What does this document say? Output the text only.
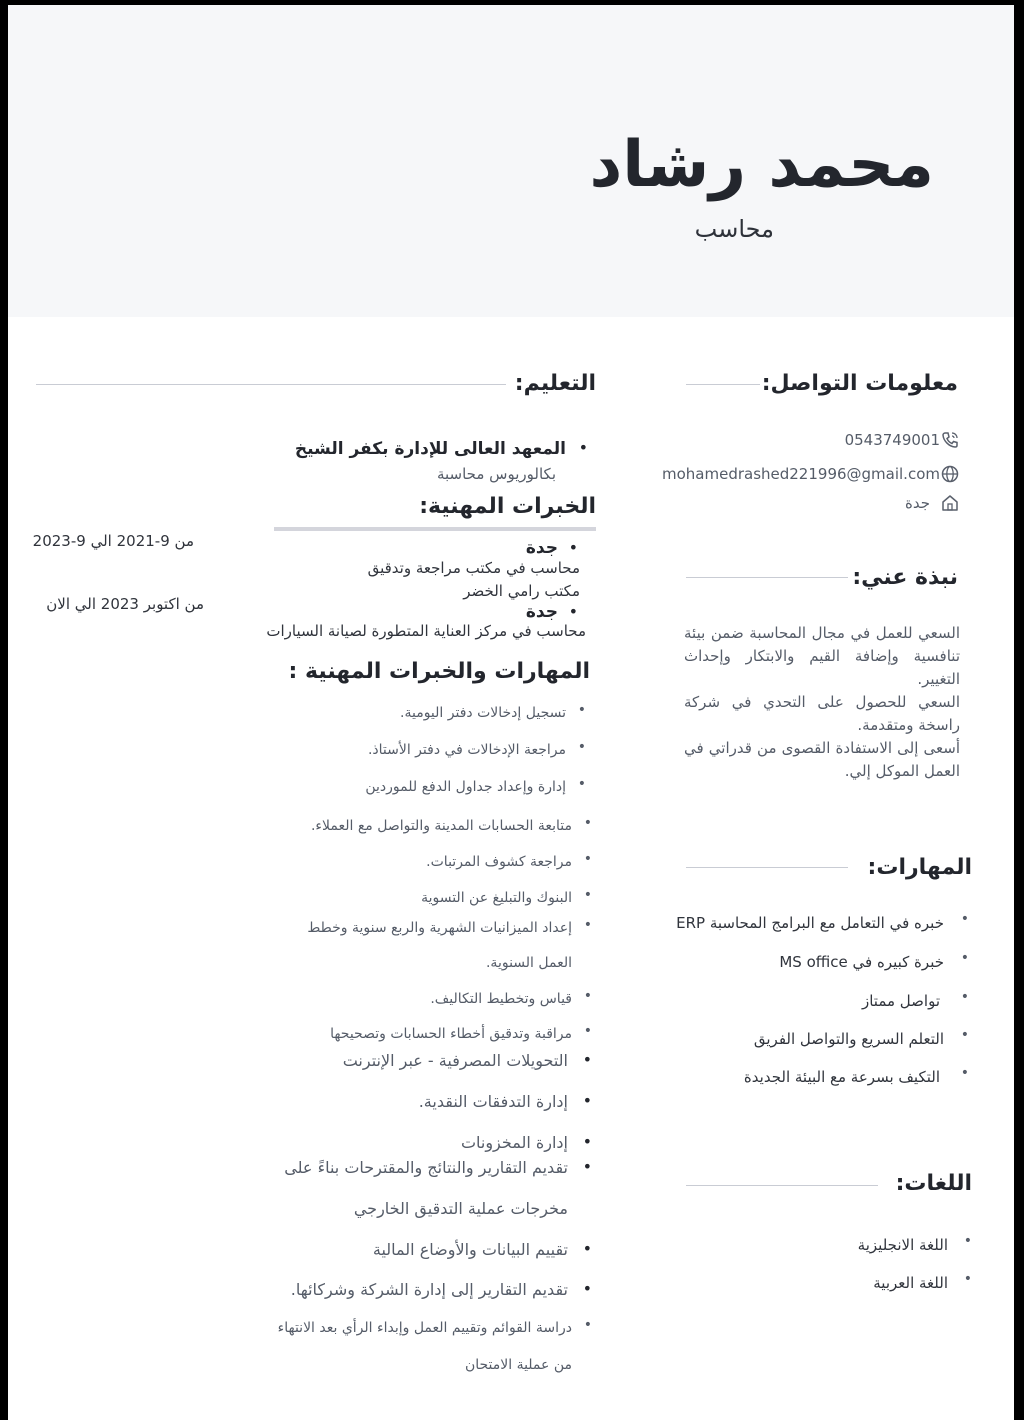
محمد رشاد
محاسب
معلومات التواصل:
0543749001
mohamedrashed221996@gmail.com
جدة
نبذة عني:

السعي للعمل في مجال المحاسبة ضمن بيئة تنافسية وإضافة القيم والابتكار وإحداث التغيير.

السعي للحصول على التحدي في شركة راسخة ومتقدمة.

أسعى إلى الاستفادة القصوى من قدراتي في العمل الموكل إلي.

المهارات:
•
خبره في التعامل مع البرامج المحاسبة ERP
•
خبرة كبيره في MS office
•
تواصل ممتاز
•
التعلم السريع والتواصل الفريق
•
التكيف بسرعة مع البيئة الجديدة
اللغات:
•
اللغة الانجليزية
•
اللغة العربية
التعليم:
•
المعهد العالى للإدارة بكفر الشيخ
بكالوريوس محاسبة
الخبرات المهنية:
•
جدة
محاسب في مكتب مراجعة وتدقيق
مكتب رامي الخضر
من 9-2021 الي 9-2023
•
جدة
محاسب في مركز العناية المتطورة لصيانة السيارات
من اكتوبر 2023 الي الان
المهارات والخبرات المهنية :
•
تسجيل إدخالات دفتر اليومية.
•
مراجعة الإدخالات في دفتر الأستاذ.
•
إدارة وإعداد جداول الدفع للموردين
•
متابعة الحسابات المدينة والتواصل مع العملاء.
•
مراجعة كشوف المرتبات.
•
البنوك والتبليغ عن التسوية
•
إعداد الميزانيات الشهرية والربع سنوية وخطط
العمل السنوية.
•
قياس وتخطيط التكاليف.
•
مراقبة وتدقيق أخطاء الحسابات وتصحيحها
•
التحويلات المصرفية - عبر الإنترنت
•
إدارة التدفقات النقدية.
•
إدارة المخزونات
•
تقديم التقارير والنتائج والمقترحات بناءً على
مخرجات عملية التدقيق الخارجي
•
تقييم البيانات والأوضاع المالية
•
تقديم التقارير إلى إدارة الشركة وشركائها.
•
دراسة القوائم وتقييم العمل وإبداء الرأي بعد الانتهاء
من عملية الامتحان
